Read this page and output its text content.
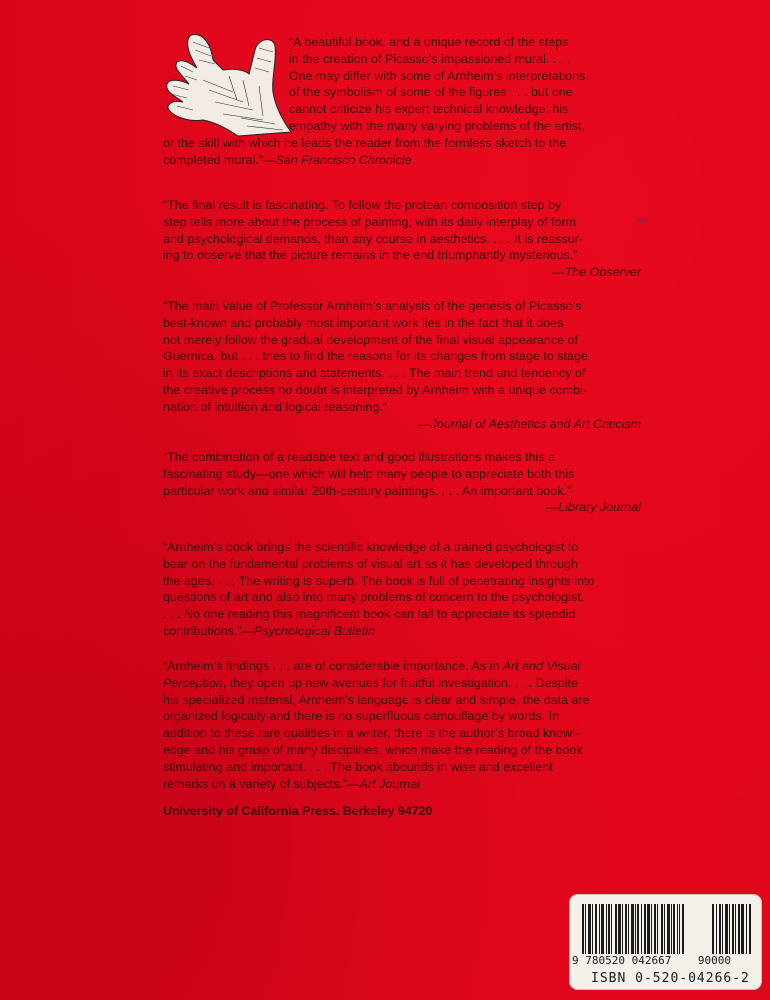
“A beautiful book, and a unique record of the steps
in the creation of Picasso’s impassioned mural. . . .
One may differ with some of Arnheim’s interpretations
of the symbolism of some of the figures . . . but one
cannot criticize his expert technical knowledge, his
empathy with the many varying problems of the artist,

or the skill with which he leads the reader from the formless sketch to the
completed mural.”—San Francisco Chronicle

“The final result is fascinating. To follow the protean composition step by
step tells more about the process of painting, with its daily interplay of form
and psychological demands, than any course in aesthetics. . . . It is reassur-
ing to observe that the picture remains in the end triumphantly mysterious.”

—The Observer

“The main value of Professor Arnheim’s analysis of the genesis of Picasso’s
best-known and probably most important work lies in the fact that it does
not merely follow the gradual development of the final visual appearance of
Guernica, but . . . tries to find the reasons for its changes from stage to stage
in its exact descriptions and statements. . . . The main trend and tendency of
the creative process no doubt is interpreted by Arnheim with a unique combi-
nation of intuition and logical reasoning.”

—Journal of Aesthetics and Art Criticism

“The combination of a readable text and good illustrations makes this a
fascinating study—one which will help many people to appreciate both this
particular work and similar 20th-century paintings. . . . An important book.”

—Library Journal

“Arnheim’s book brings the scientific knowledge of a trained psychologist to
bear on the fundamental problems of visual art as it has developed through
the ages. . . . The writing is superb. The book is full of penetrating insights into
questions of art and also into many problems of concern to the psychologist.
. . . No one reading this magnificent book can fail to appreciate its splendid
contributions.”—Psychological Bulletin

“Arnheim’s findings . . . are of considerable importance. As in Art and Visual
Perception, they open up new avenues for fruitful investigation. . . . Despite
his specialized material, Arnheim’s language is clear and simple, the data are
organized logically and there is no superfluous camouflage by words. In
addition to these rare qualities in a writer, there is the author’s broad knowl-
edge and his grasp of many disciplines, which make the reading of the book
stimulating and important. . . . The book abounds in wise and excellent
remarks on a variety of subjects.”—Art Journal

University of California Press, Berkeley 94720
9 780520 042667    90000
ISBN 0-520-04266-2
